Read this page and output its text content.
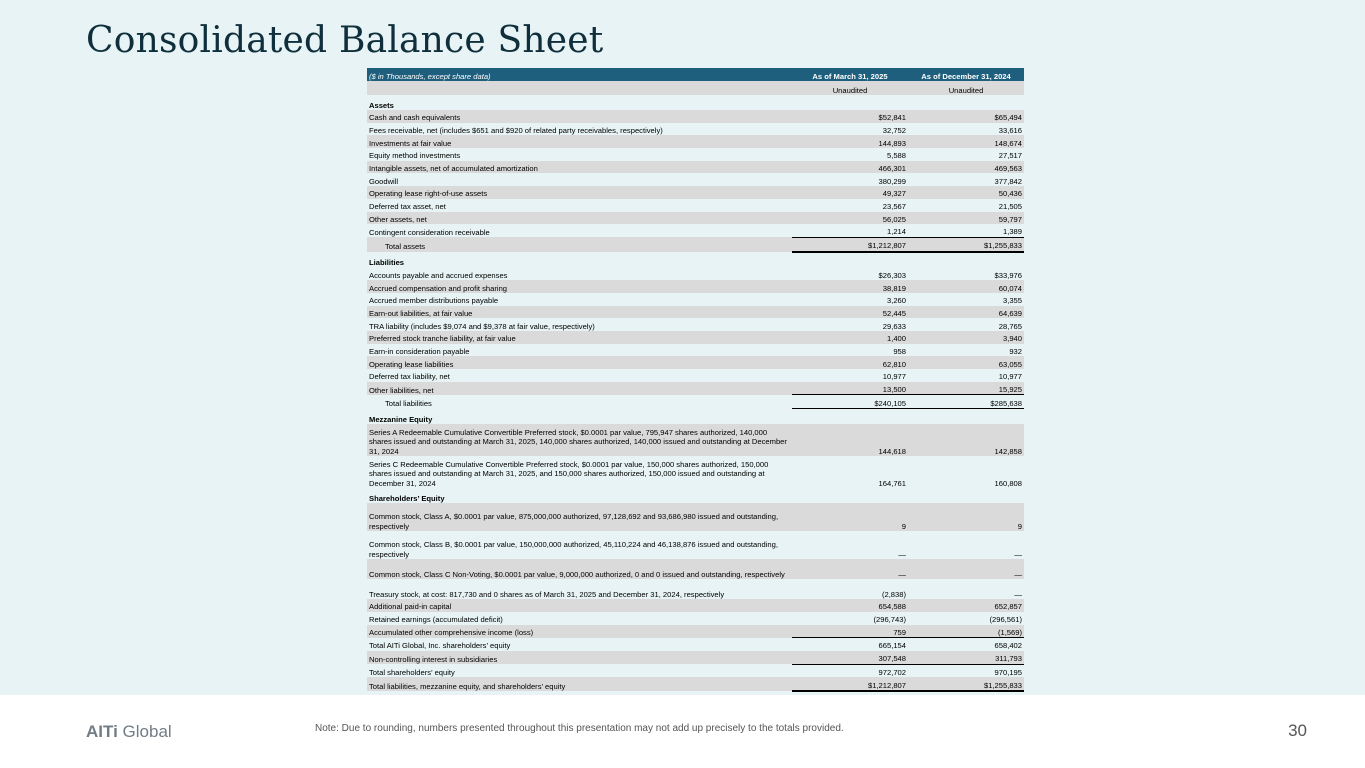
Consolidated Balance Sheet
($ in Thousands, except share data)	As of March 31, 2025	As of December 31, 2024
	Unaudited	Unaudited
Assets		
Cash and cash equivalents	$52,841	$65,494
Fees receivable, net (includes $651 and $920 of related party receivables, respectively)	32,752	33,616
Investments at fair value	144,893	148,674
Equity method investments	5,588	27,517
Intangible assets, net of accumulated amortization	466,301	469,563
Goodwill	380,299	377,842
Operating lease right-of-use assets	49,327	50,436
Deferred tax asset, net	23,567	21,505
Other assets, net	56,025	59,797
Contingent consideration receivable	1,214	1,389
Total assets	$1,212,807	$1,255,833
Liabilities		
Accounts payable and accrued expenses	$26,303	$33,976
Accrued compensation and profit sharing	38,819	60,074
Accrued member distributions payable	3,260	3,355
Earn-out liabilities, at fair value	52,445	64,639
TRA liability (includes $9,074 and $9,378 at fair value, respectively)	29,633	28,765
Preferred stock tranche liability, at fair value	1,400	3,940
Earn-in consideration payable	958	932
Operating lease liabilities	62,810	63,055
Deferred tax liability, net	10,977	10,977
Other liabilities, net	13,500	15,925
Total liabilities	$240,105	$285,638
Mezzanine Equity		
Series A Redeemable Cumulative Convertible Preferred stock, $0.0001 par value, 795,947 shares authorized, 140,000 shares issued and outstanding at March 31, 2025, 140,000 shares authorized, 140,000 issued and outstanding at December 31, 2024	144,618	142,858
Series C Redeemable Cumulative Convertible Preferred stock, $0.0001 par value, 150,000 shares authorized, 150,000 shares issued and outstanding at March 31, 2025, and 150,000 shares authorized, 150,000 issued and outstanding at December 31, 2024	164,761	160,808
Shareholders’ Equity		
Common stock, Class A, $0.0001 par value, 875,000,000 authorized, 97,128,692 and 93,686,980 issued and outstanding, respectively	9	9
Common stock, Class B, $0.0001 par value, 150,000,000 authorized, 45,110,224 and 46,138,876 issued and outstanding, respectively	—	—
Common stock, Class C Non-Voting, $0.0001 par value, 9,000,000 authorized, 0 and 0 issued and outstanding, respectively	—	—
Treasury stock, at cost: 817,730 and 0 shares as of March 31, 2025 and December 31, 2024, respectively	(2,838)	—
Additional paid-in capital	654,588	652,857
Retained earnings (accumulated deficit)	(296,743)	(296,561)
Accumulated other comprehensive income (loss)	759	(1,569)
Total AITi Global, Inc. shareholders’ equity	665,154	658,402
Non-controlling interest in subsidiaries	307,548	311,793
Total shareholders’ equity	972,702	970,195
Total liabilities, mezzanine equity, and shareholders’ equity	$1,212,807	$1,255,833
AITi Global	Note: Due to rounding, numbers presented throughout this presentation may not add up precisely to the totals provided.	30
